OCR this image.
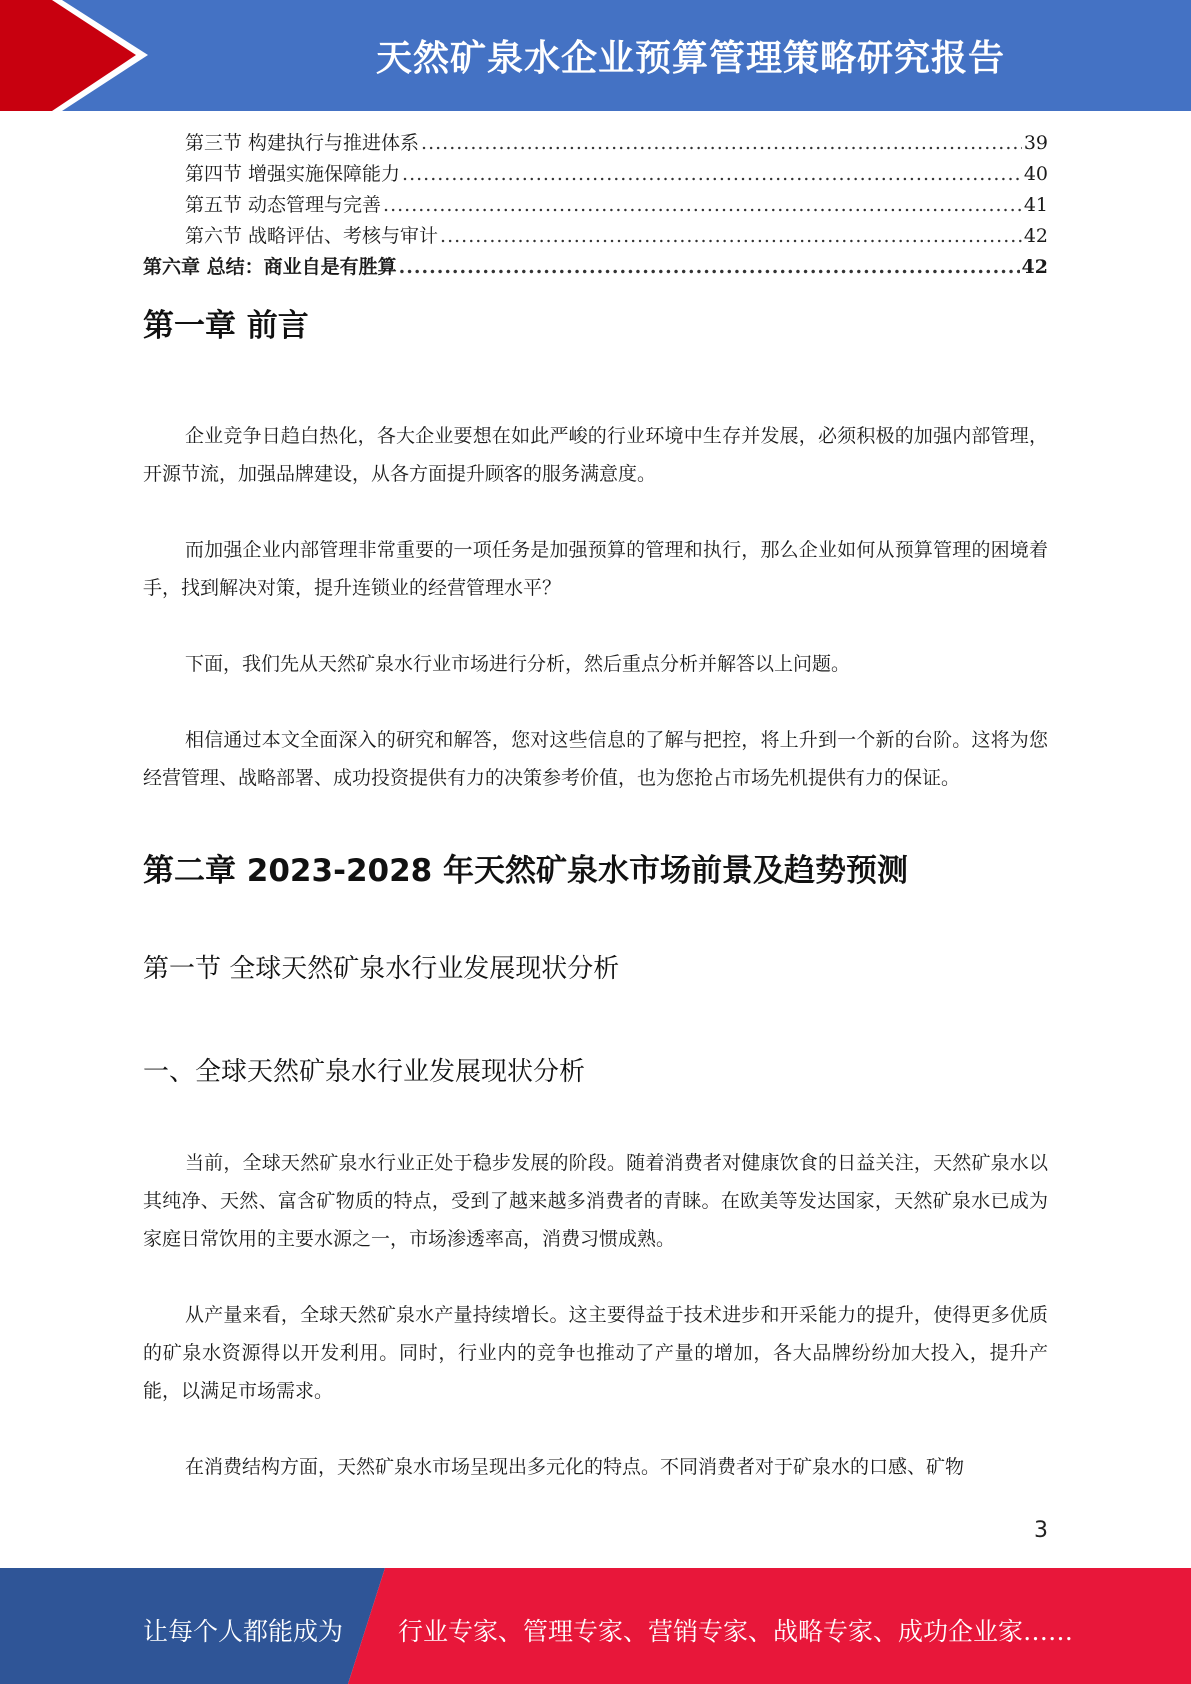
天然矿泉水企业预算管理策略研究报告
第三节 构建执行与推进体系 .....	39
第四节 增强实施保障能力 .....	40
第五节 动态管理与完善 .....	41
第六节 战略评估、考核与审计 .....	42
第六章 总结：商业自是有胜算 .....	42
第一章 前言

企业竞争日趋白热化，各大企业要想在如此严峻的行业环境中生存并发展，必须积极的加强内部管理，开源节流，加强品牌建设，从各方面提升顾客的服务满意度。

而加强企业内部管理非常重要的一项任务是加强预算的管理和执行，那么企业如何从预算管理的困境着手，找到解决对策，提升连锁业的经营管理水平？

下面，我们先从天然矿泉水行业市场进行分析，然后重点分析并解答以上问题。

相信通过本文全面深入的研究和解答，您对这些信息的了解与把控，将上升到一个新的台阶。这将为您经营管理、战略部署、成功投资提供有力的决策参考价值，也为您抢占市场先机提供有力的保证。

第二章 2023-2028 年天然矿泉水市场前景及趋势预测
第一节 全球天然矿泉水行业发展现状分析
一、全球天然矿泉水行业发展现状分析

当前，全球天然矿泉水行业正处于稳步发展的阶段。随着消费者对健康饮食的日益关注，天然矿泉水以其纯净、天然、富含矿物质的特点，受到了越来越多消费者的青睐。在欧美等发达国家，天然矿泉水已成为家庭日常饮用的主要水源之一，市场渗透率高，消费习惯成熟。

从产量来看，全球天然矿泉水产量持续增长。这主要得益于技术进步和开采能力的提升，使得更多优质的矿泉水资源得以开发利用。同时，行业内的竞争也推动了产量的增加，各大品牌纷纷加大投入，提升产能，以满足市场需求。

在消费结构方面，天然矿泉水市场呈现出多元化的特点。不同消费者对于矿泉水的口感、矿物

3
让每个人都能成为 行业专家、管理专家、营销专家、战略专家、成功企业家……
